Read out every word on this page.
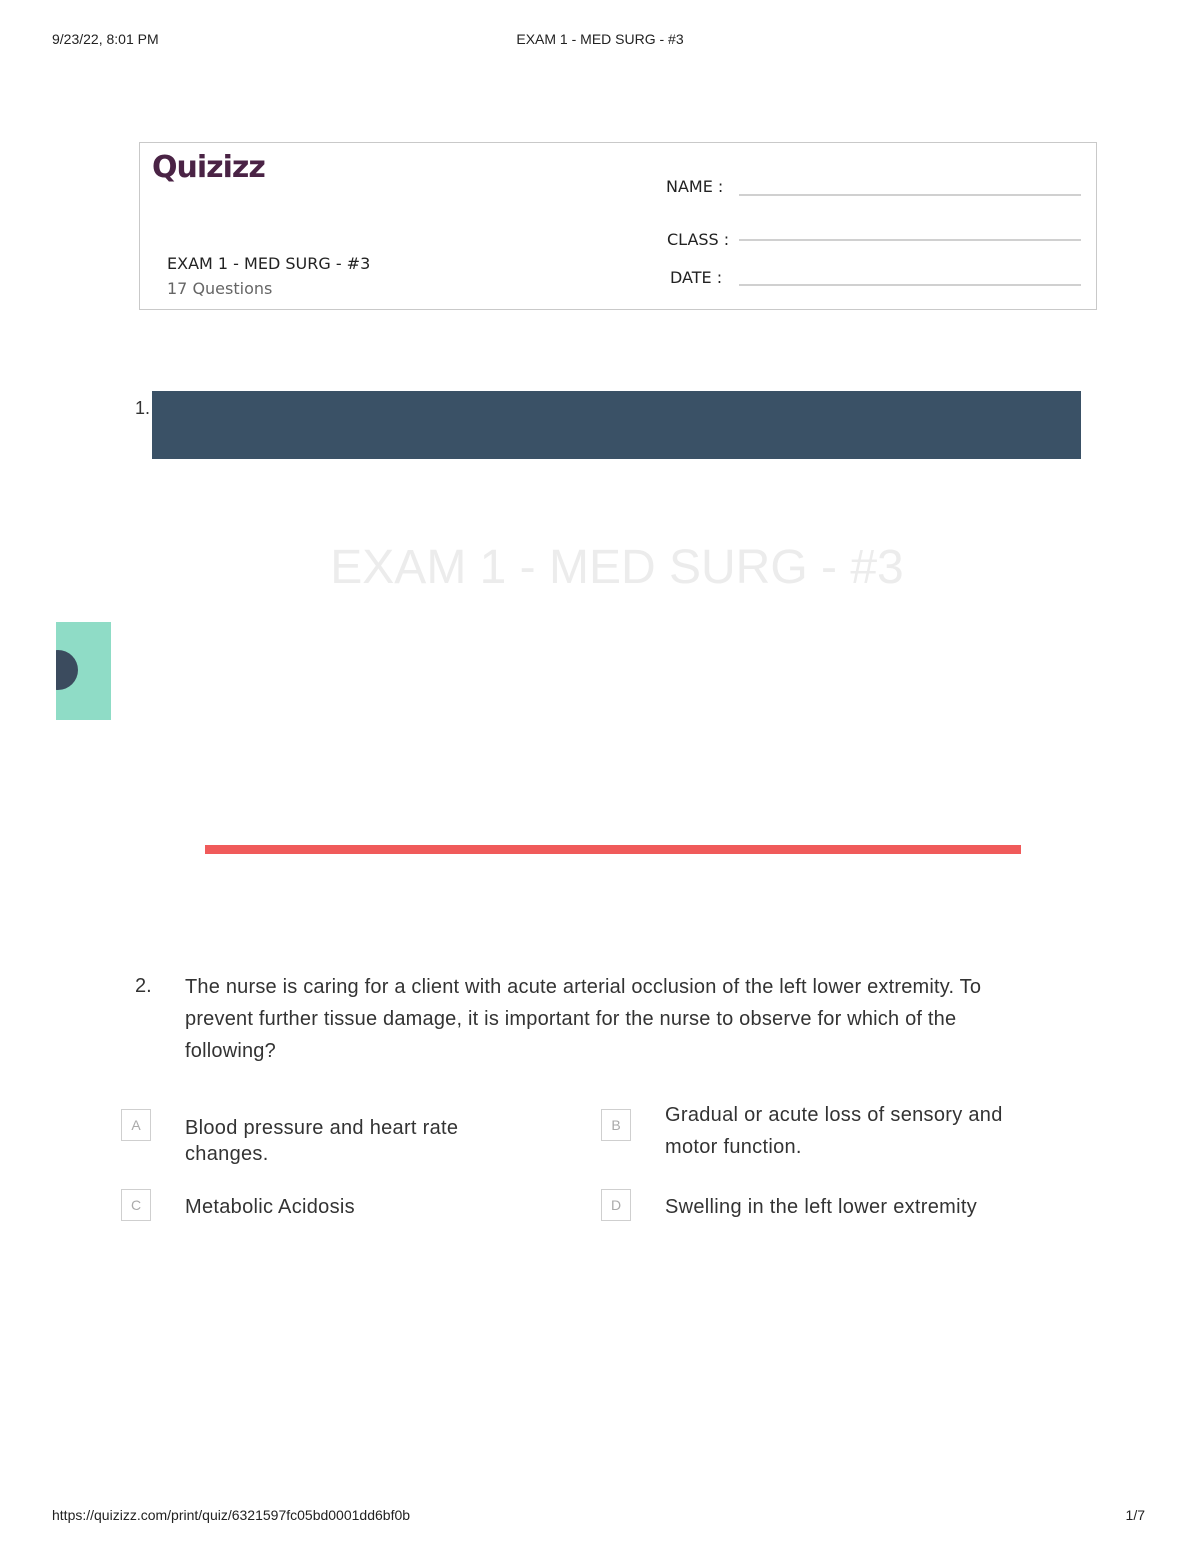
9/23/22, 8:01 PM	EXAM 1 - MED SURG - #3
Quizizz
EXAM 1 - MED SURG - #3
17 Questions
NAME :
CLASS :
DATE :
1.
EXAM 1 - MED SURG - #3
2. The nurse is caring for a client with acute arterial occlusion of the left lower extremity. To prevent further tissue damage, it is important for the nurse to observe for which of the following?
A	Blood pressure and heart rate changes.
B	Gradual or acute loss of sensory and motor function.
C	Metabolic Acidosis	D	Swelling in the left lower extremity
https://quizizz.com/print/quiz/6321597fc05bd0001dd6bf0b	1/7
